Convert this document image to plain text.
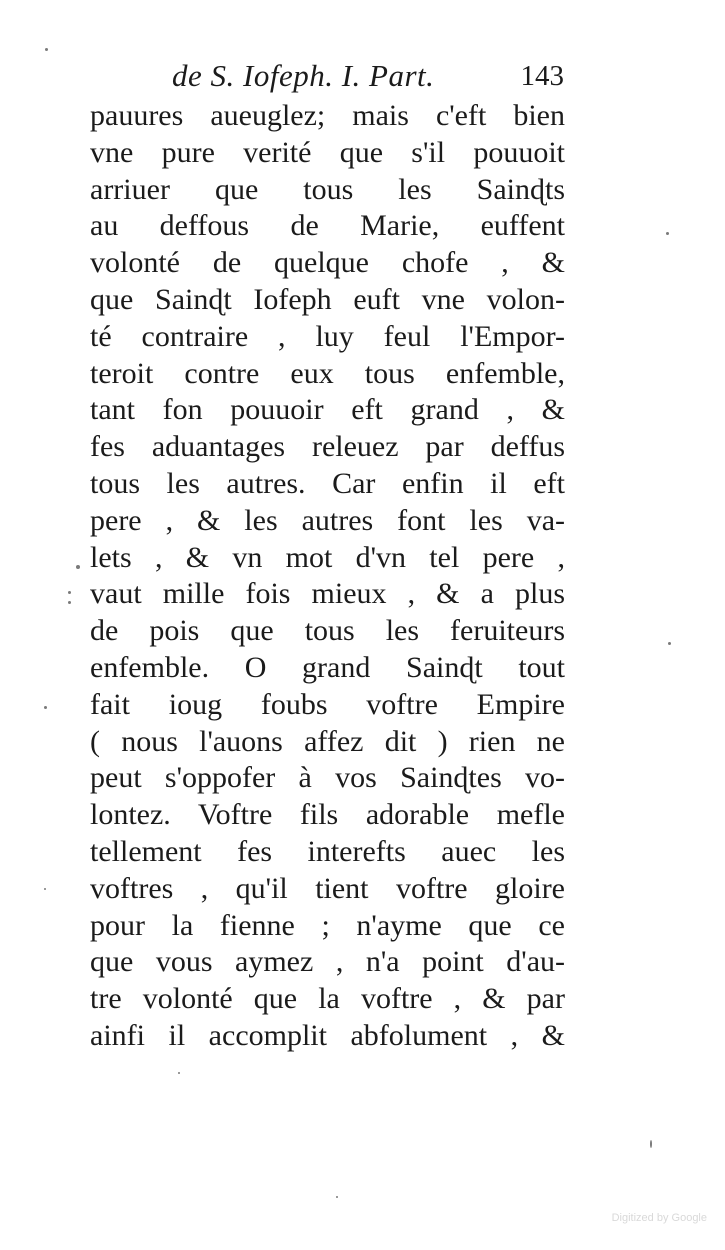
de S. Iofeph. I. Part.	143
pauures aueuglez; mais c'eft bien
vne pure verité que s'il pouuoit
arriuer que tous les Sainɖts
au deffous de Marie, euffent
volonté de quelque chofe , &
que Sainɖt Iofeph euft vne volon-
té contraire , luy feul l'Empor-
teroit contre eux tous enfemble,
tant fon pouuoir eft grand , &
fes aduantages releuez par deffus
tous les autres. Car enfin il eft
pere , & les autres font les va-
lets , & vn mot d'vn tel pere ,
vaut mille fois mieux , & a plus
de pois que tous les feruiteurs
enfemble. O grand Sainɖt tout
fait ioug foubs voftre Empire
( nous l'auons affez dit ) rien ne
peut s'oppofer à vos Sainɖtes vo-
lontez. Voftre fils adorable mefle
tellement fes interefts auec les
voftres , qu'il tient voftre gloire
pour la fienne ; n'ayme que ce
que vous aymez , n'a point d'au-
tre volonté que la voftre , & par
ainfi il accomplit abfolument , &
Digitized by Google
